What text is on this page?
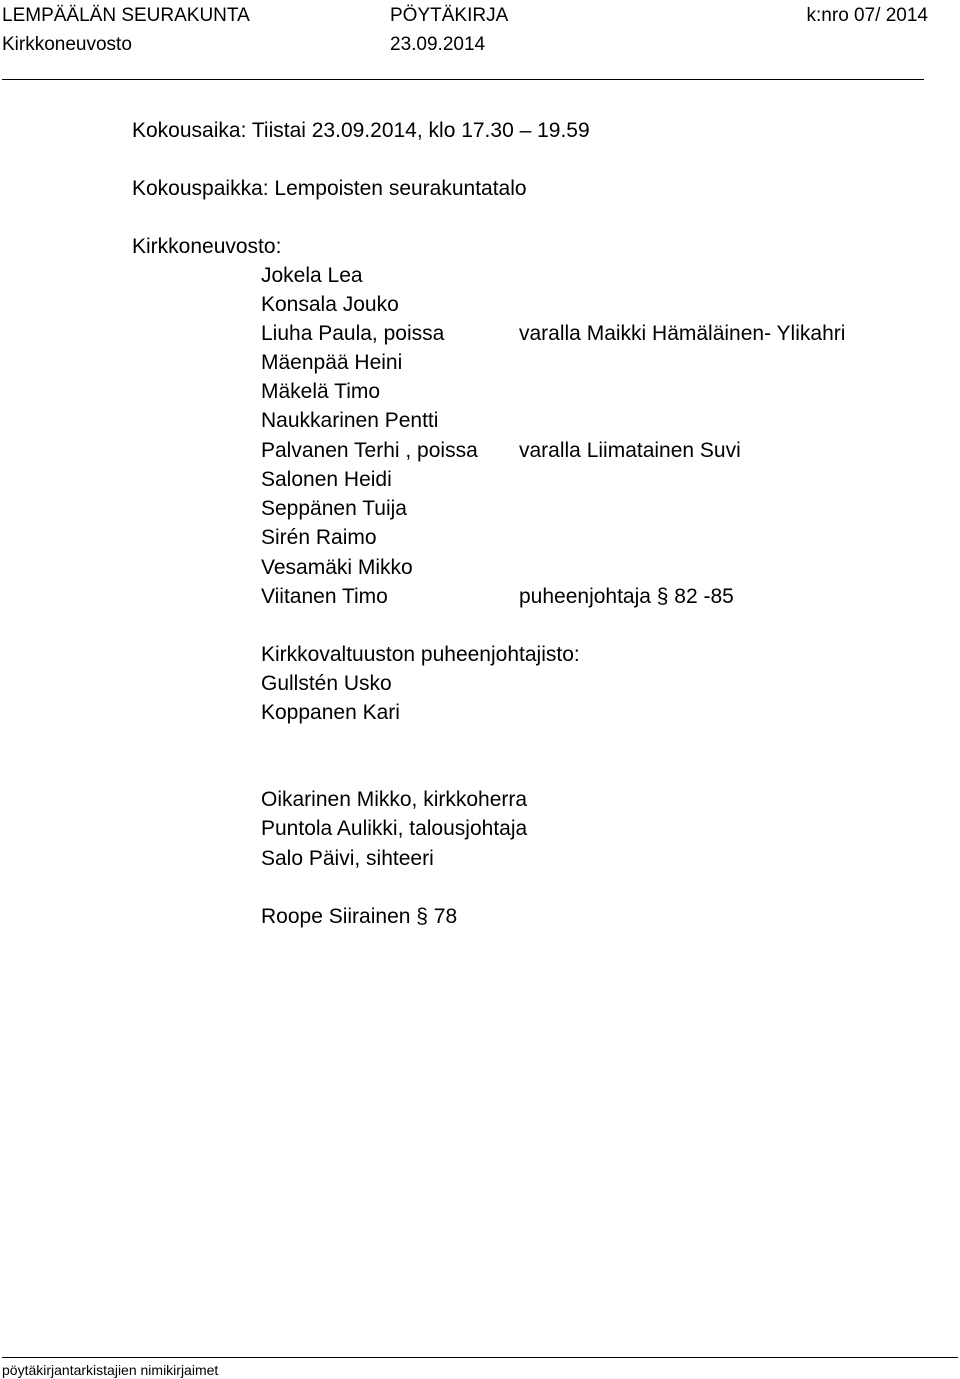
LEMPÄÄLÄN SEURAKUNTA	PÖYTÄKIRJA	k:nro 07/ 2014
Kirkkoneuvosto	23.09.2014
Kokousaika: Tiistai 23.09.2014, klo 17.30 – 19.59
Kokouspaikka: Lempoisten seurakuntatalo
Kirkkoneuvosto:
Jokela Lea
Konsala Jouko
Liuha Paula, poissa	varalla Maikki Hämäläinen- Ylikahri
Mäenpää Heini
Mäkelä Timo
Naukkarinen Pentti
Palvanen Terhi , poissa varalla Liimatainen Suvi
Salonen Heidi
Seppänen Tuija
Sirén Raimo
Vesamäki Mikko
Viitanen Timo	puheenjohtaja § 82 -85
Kirkkovaltuuston puheenjohtajisto:
Gullstén Usko
Koppanen Kari
Oikarinen Mikko, kirkkoherra
Puntola Aulikki, talousjohtaja
Salo Päivi, sihteeri
Roope Siirainen § 78
pöytäkirjantarkistajien nimikirjaimet
